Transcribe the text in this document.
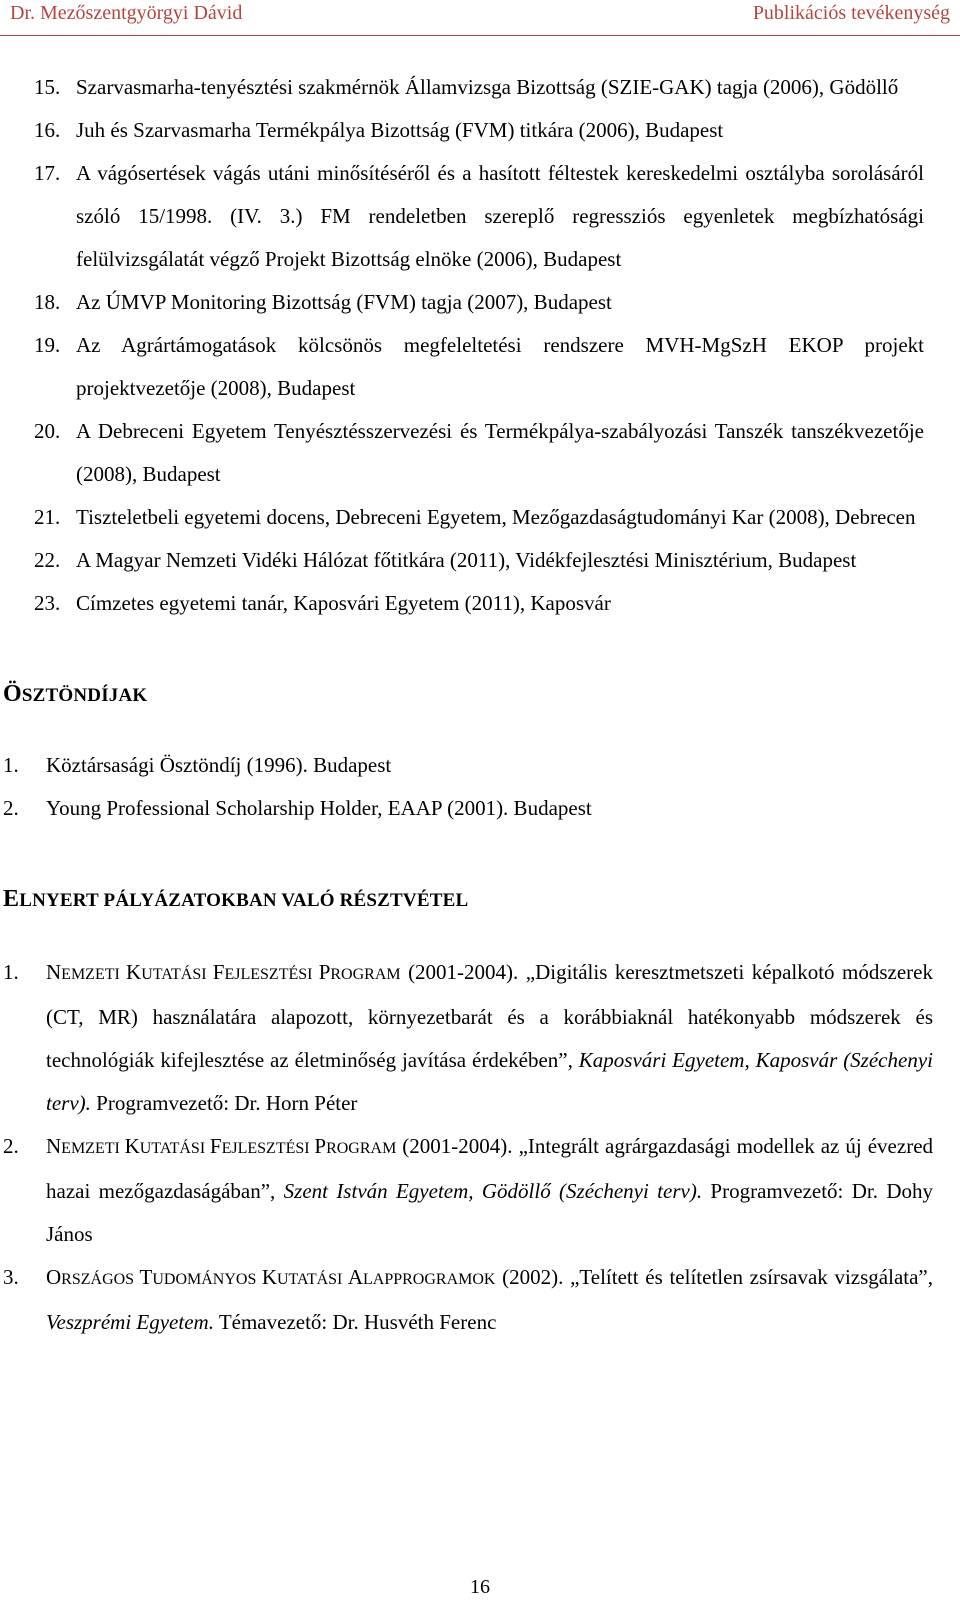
Dr. Mezőszentgyörgyi Dávid	Publikációs tevékenység
15. Szarvasmarha-tenyésztési szakmérnök Államvizsga Bizottság (SZIE-GAK) tagja (2006), Gödöllő
16. Juh és Szarvasmarha Termékpálya Bizottság (FVM) titkára (2006), Budapest
17. A vágósertések vágás utáni minősítéséről és a hasított féltestek kereskedelmi osztályba sorolásáról szóló 15/1998. (IV. 3.) FM rendeletben szereplő regressziós egyenletek megbízhatósági felülvizsgálatát végző Projekt Bizottság elnöke (2006), Budapest
18. Az ÚMVP Monitoring Bizottság (FVM) tagja (2007), Budapest
19. Az Agrártámogatások kölcsönös megfeleltetési rendszere MVH-MgSzH EKOP projekt projektvezetője (2008), Budapest
20. A Debreceni Egyetem Tenyésztésszervezési és Termékpálya-szabályozási Tanszék tanszékvezetője (2008), Budapest
21. Tiszteletbeli egyetemi docens, Debreceni Egyetem, Mezőgazdaságtudományi Kar (2008), Debrecen
22. A Magyar Nemzeti Vidéki Hálózat főtitkára (2011), Vidékfejlesztési Minisztérium, Budapest
23. Címzetes egyetemi tanár, Kaposvári Egyetem (2011), Kaposvár
ÖSZTÖNDÍJAK
1.	Köztársasági Ösztöndíj (1996). Budapest
2.	Young Professional Scholarship Holder, EAAP (2001). Budapest
ELNYERT PÁLYÁZATOKBAN VALÓ RÉSZTVÉTEL
1.	NEMZETI KUTATÁSI FEJLESZTÉSI PROGRAM (2001-2004). „Digitális keresztmetszeti képalkotó módszerek (CT, MR) használatára alapozott, környezetbarát és a korábbiaknál hatékonyabb módszerek és technológiák kifejlesztése az életminőség javítása érdekében”, Kaposvári Egyetem, Kaposvár (Széchenyi terv). Programvezető: Dr. Horn Péter
2.	NEMZETI KUTATÁSI FEJLESZTÉSI PROGRAM (2001-2004). „Integrált agrárgazdasági modellek az új évezred hazai mezőgazdaságában”, Szent István Egyetem, Gödöllő (Széchenyi terv). Programvezető: Dr. Dohy János
3.	ORSZÁGOS TUDOMÁNYOS KUTATÁSI ALAPPROGRAMOK (2002). „Telített és telítetlen zsírsavak vizsgálata”, Veszprémi Egyetem. Témavezető: Dr. Husvéth Ferenc
16
